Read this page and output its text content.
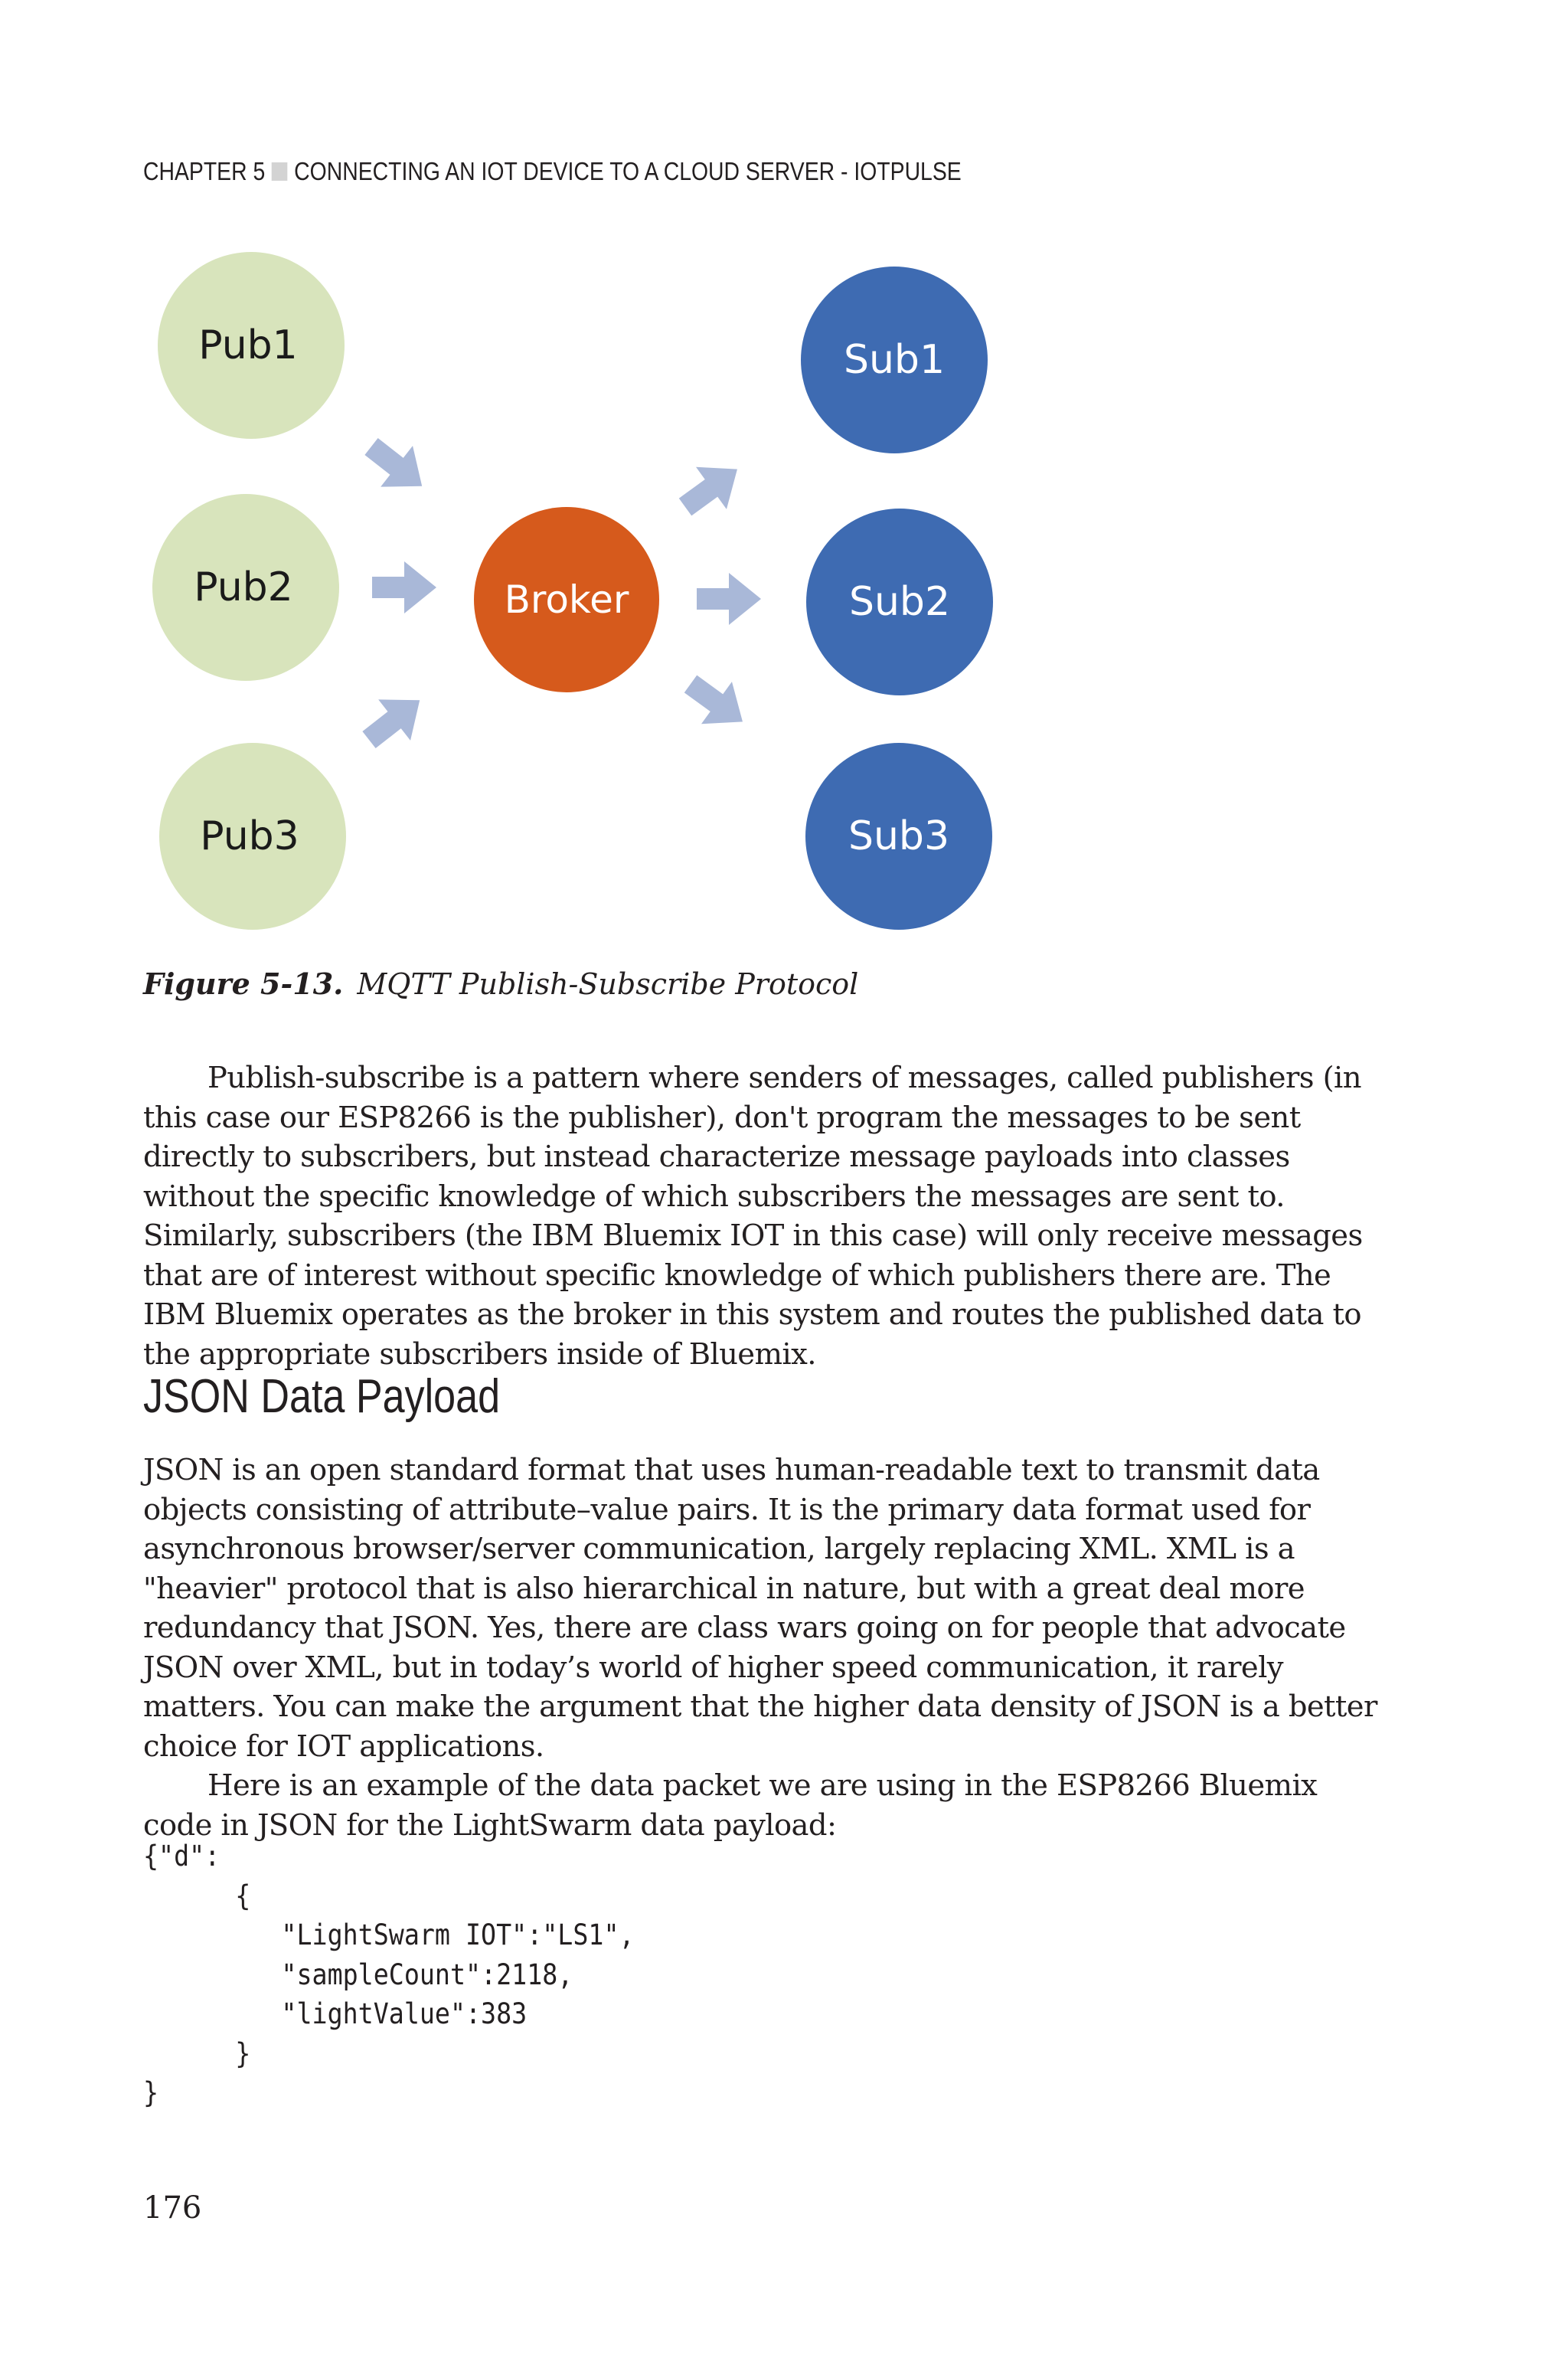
CHAPTER 5 CONNECTING AN IOT DEVICE TO A CLOUD SERVER - IOTPULSE
Pub1
Pub2
Pub3
Broker
Sub1
Sub2
Sub3
Figure 5-13. MQTT Publish-Subscribe Protocol

Publish-subscribe is a pattern where senders of messages, called publishers (in this case our ESP8266 is the publisher), don't program the messages to be sent directly to subscribers, but instead characterize message payloads into classes without the specific knowledge of which subscribers the messages are sent to. Similarly, subscribers (the IBM Bluemix IOT in this case) will only receive messages that are of interest without specific knowledge of which publishers there are. The IBM Bluemix operates as the broker in this system and routes the published data to the appropriate subscribers inside of Bluemix.

JSON Data Payload

JSON is an open standard format that uses human-readable text to transmit data objects consisting of attribute–value pairs. It is the primary data format used for asynchronous browser/server communication, largely replacing XML. XML is a "heavier" protocol that is also hierarchical in nature, but with a great deal more redundancy that JSON. Yes, there are class wars going on for people that advocate JSON over XML, but in today’s world of higher speed communication, it rarely matters. You can make the argument that the higher data density of JSON is a better choice for IOT applications.

Here is an example of the data packet we are using in the ESP8266 Bluemix code in JSON for the LightSwarm data payload:

{"d":
{
"LightSwarm IOT":"LS1",
"sampleCount":2118,
"lightValue":383
}
}
176
